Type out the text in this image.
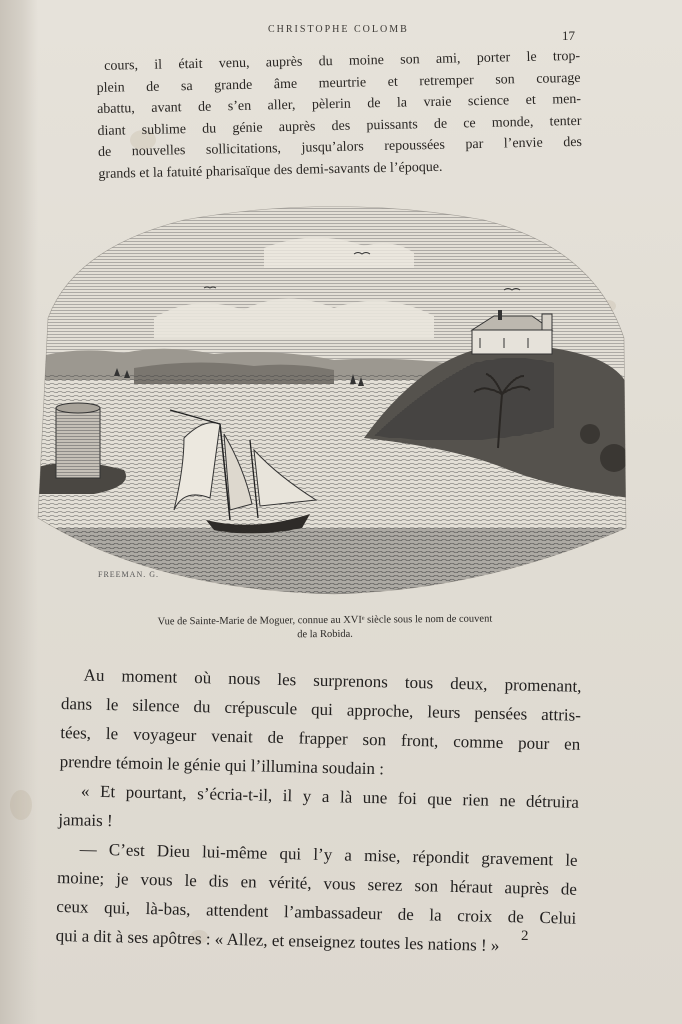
CHRISTOPHE COLOMB	17
cours, il était venu, auprès du moine son ami, porter le trop-
plein de sa grande âme meurtrie et retremper son courage
abattu, avant de s’en aller, pèlerin de la vraie science et men-
diant sublime du génie auprès des puissants de ce monde, tenter
de nouvelles sollicitations, jusqu’alors repoussées par l’envie des
grands et la fatuité pharisaïque des demi-savants de l’époque.
FREEMAN. G.
Vue de Sainte-Marie de Moguer, connue au XVIᵉ siècle sous le nom de couvent
de la Robida.
Au moment où nous les surprenons tous deux, promenant,
dans le silence du crépuscule qui approche, leurs pensées attris-
tées, le voyageur venait de frapper son front, comme pour en
prendre témoin le génie qui l’illumina soudain :
« Et pourtant, s’écria-t-il, il y a là une foi que rien ne détruira
jamais !
— C’est Dieu lui-même qui l’y a mise, répondit gravement le
moine; je vous le dis en vérité, vous serez son héraut auprès de
ceux qui, là-bas, attendent l’ambassadeur de la croix de Celui
qui a dit à ses apôtres : « Allez, et enseignez toutes les nations ! »	2
